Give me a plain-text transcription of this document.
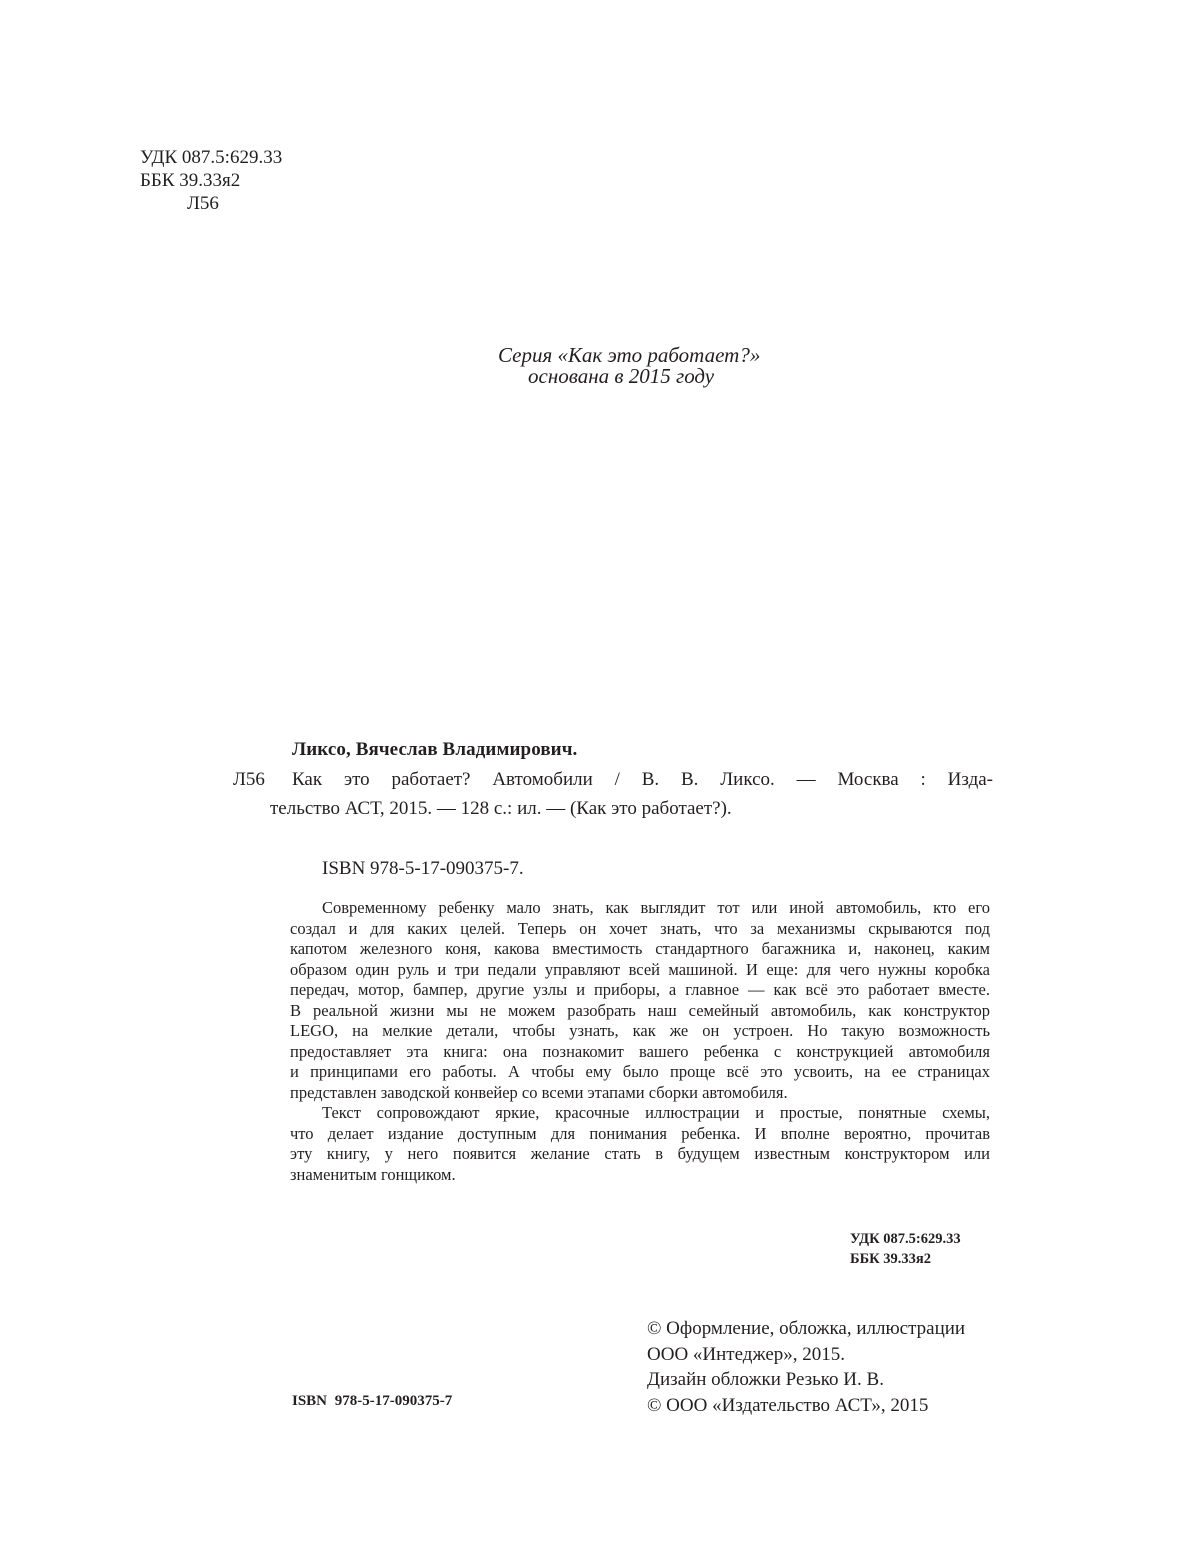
УДК 087.5:629.33
ББК 39.33я2
Л56
Серия «Как это работает?»
основана в 2015 году
Ликсо, Вячеслав Владимирович.
Л56 Как это работает? Автомобили / В. В. Ликсо. — Москва : Изда-
тельство АСТ, 2015. — 128 с.: ил. — (Как это работает?).
ISBN 978-5-17-090375-7.
Современному ребенку мало знать, как выглядит тот или иной автомобиль, кто его
создал и для каких целей. Теперь он хочет знать, что за механизмы скрываются под
капотом железного коня, какова вместимость стандартного багажника и, наконец, каким
образом один руль и три педали управляют всей машиной. И еще: для чего нужны коробка
передач, мотор, бампер, другие узлы и приборы, а главное — как всё это работает вместе.
В реальной жизни мы не можем разобрать наш семейный автомобиль, как конструктор
LEGO, на мелкие детали, чтобы узнать, как же он устроен. Но такую возможность
предоставляет эта книга: она познакомит вашего ребенка с конструкцией автомобиля
и принципами его работы. А чтобы ему было проще всё это усвоить, на ее страницах
представлен заводской конвейер со всеми этапами сборки автомобиля.
Текст сопровождают яркие, красочные иллюстрации и простые, понятные схемы,
что делает издание доступным для понимания ребенка. И вполне вероятно, прочитав
эту книгу, у него появится желание стать в будущем известным конструктором или
знаменитым гонщиком.
УДК 087.5:629.33
ББК 39.33я2
© Оформление, обложка, иллюстрации
ООО «Интеджер», 2015.
Дизайн обложки Резько И. В.
© ООО «Издательство АСТ», 2015
ISBN 978-5-17-090375-7
